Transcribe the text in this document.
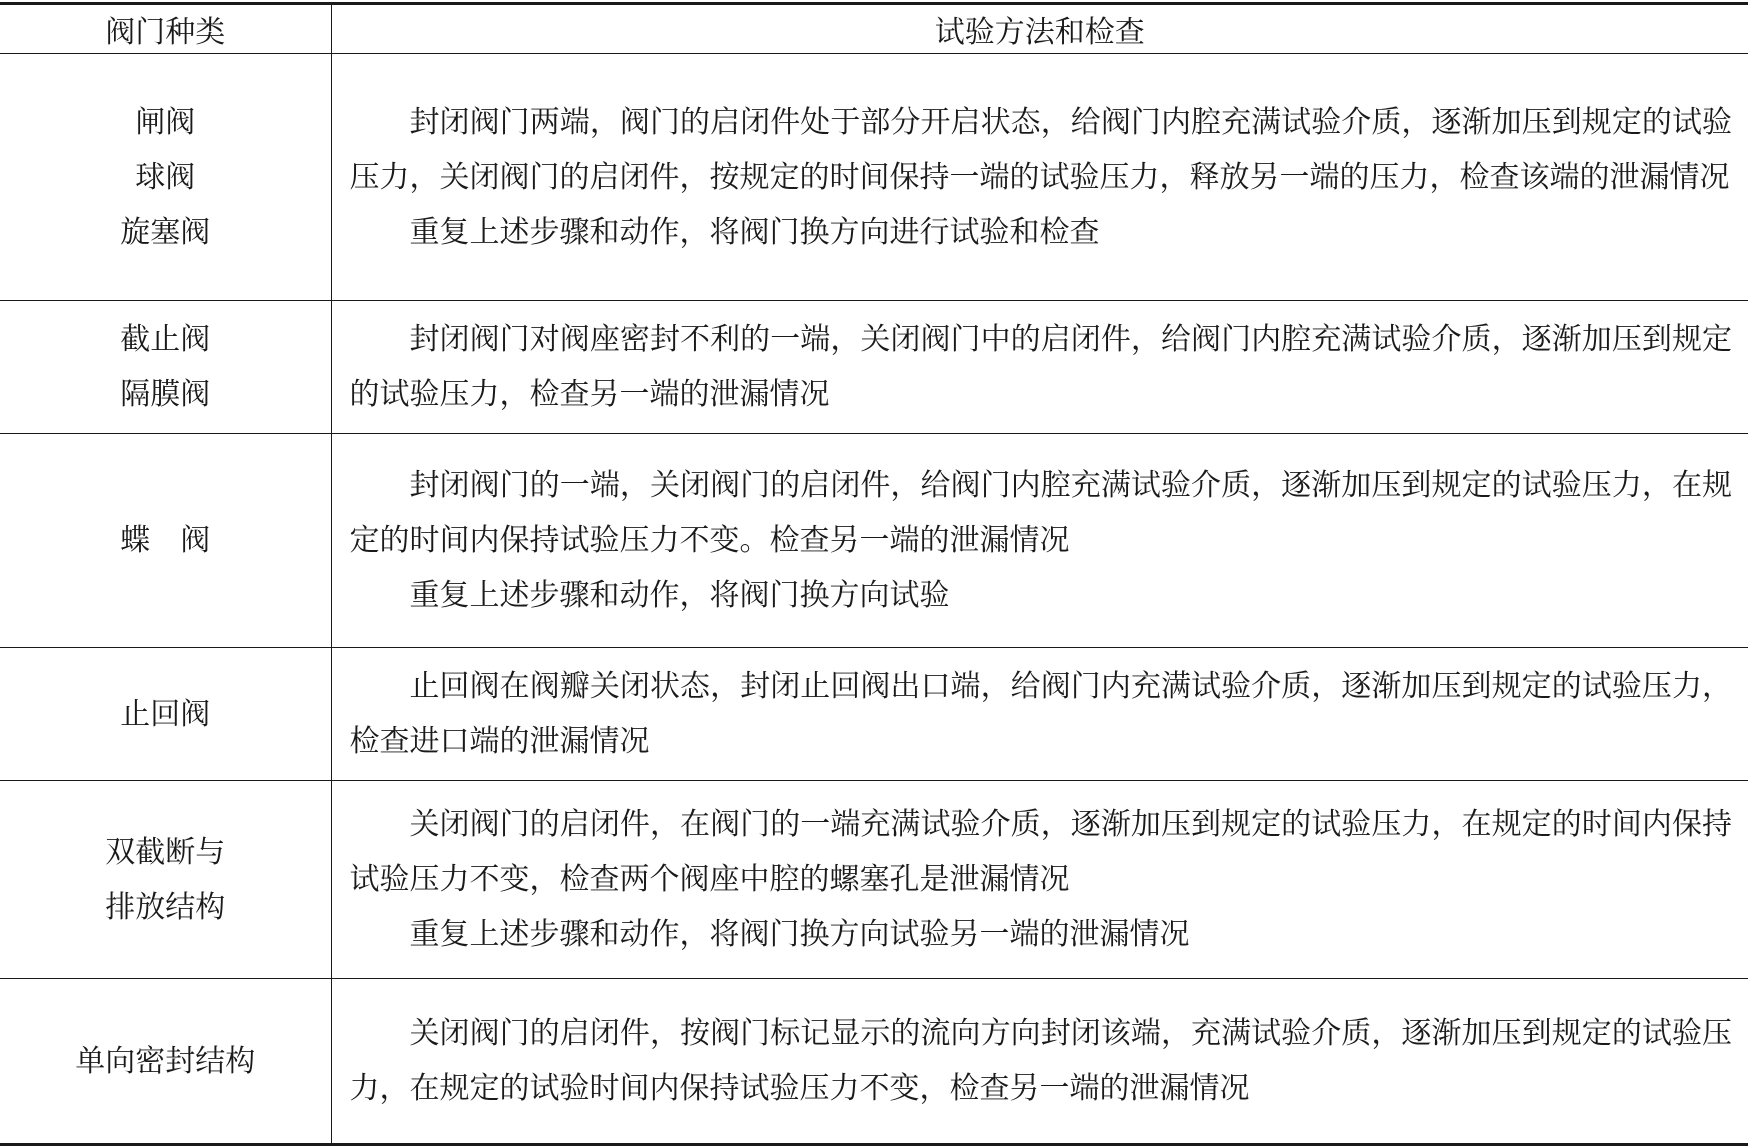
阀门种类	试验方法和检查

闸阀
球阀
旋塞阀	封闭阀门两端，阀门的启闭件处于部分开启状态，给阀门内腔充满试验介质，逐渐加压到规定的试验压力，关闭阀门的启闭件，按规定的时间保持一端的试验压力，释放另一端的压力，检查该端的泄漏情况
重复上述步骤和动作，将阀门换方向进行试验和检查

截止阀
隔膜阀	封闭阀门对阀座密封不利的一端，关闭阀门中的启闭件，给阀门内腔充满试验介质，逐渐加压到规定的试验压力，检查另一端的泄漏情况

蝶　阀	封闭阀门的一端，关闭阀门的启闭件，给阀门内腔充满试验介质，逐渐加压到规定的试验压力，在规定的时间内保持试验压力不变。检查另一端的泄漏情况
重复上述步骤和动作，将阀门换方向试验

止回阀	止回阀在阀瓣关闭状态，封闭止回阀出口端，给阀门内充满试验介质，逐渐加压到规定的试验压力，检查进口端的泄漏情况

双截断与
排放结构	关闭阀门的启闭件，在阀门的一端充满试验介质，逐渐加压到规定的试验压力，在规定的时间内保持试验压力不变，检查两个阀座中腔的螺塞孔是泄漏情况
重复上述步骤和动作，将阀门换方向试验另一端的泄漏情况

单向密封结构	关闭阀门的启闭件，按阀门标记显示的流向方向封闭该端，充满试验介质，逐渐加压到规定的试验压力，在规定的试验时间内保持试验压力不变，检查另一端的泄漏情况
